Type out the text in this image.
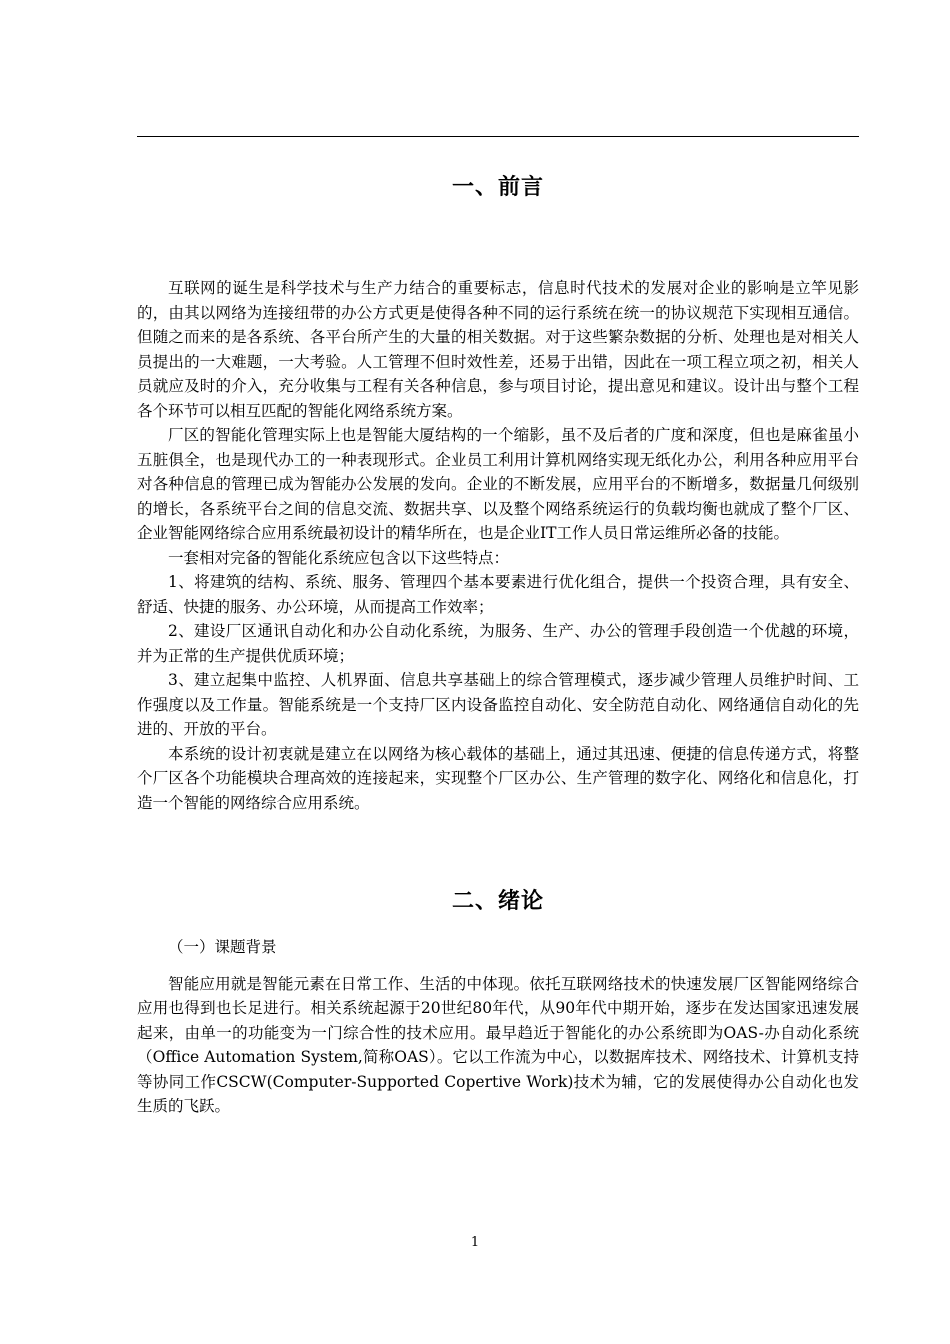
一、前言

互联网的诞生是科学技术与生产力结合的重要标志，信息时代技术的发展对企业的影响是立竿见影的，由其以网络为连接纽带的办公方式更是使得各种不同的运行系统在统一的协议规范下实现相互通信。但随之而来的是各系统、各平台所产生的大量的相关数据。对于这些繁杂数据的分析、处理也是对相关人员提出的一大难题，一大考验。人工管理不但时效性差，还易于出错，因此在一项工程立项之初，相关人员就应及时的介入，充分收集与工程有关各种信息，参与项目讨论，提出意见和建议。设计出与整个工程各个环节可以相互匹配的智能化网络系统方案。

厂区的智能化管理实际上也是智能大厦结构的一个缩影，虽不及后者的广度和深度，但也是麻雀虽小五脏俱全，也是现代办工的一种表现形式。企业员工利用计算机网络实现无纸化办公，利用各种应用平台对各种信息的管理已成为智能办公发展的发向。企业的不断发展，应用平台的不断增多，数据量几何级别的增长，各系统平台之间的信息交流、数据共享、以及整个网络系统运行的负载均衡也就成了整个厂区、企业智能网络综合应用系统最初设计的精华所在，也是企业IT工作人员日常运维所必备的技能。

一套相对完备的智能化系统应包含以下这些特点：

1、将建筑的结构、系统、服务、管理四个基本要素进行优化组合，提供一个投资合理，具有安全、舒适、快捷的服务、办公环境，从而提高工作效率；

2、建设厂区通讯自动化和办公自动化系统，为服务、生产、办公的管理手段创造一个优越的环境，并为正常的生产提供优质环境；

3、建立起集中监控、人机界面、信息共享基础上的综合管理模式，逐步减少管理人员维护时间、工作强度以及工作量。智能系统是一个支持厂区内设备监控自动化、安全防范自动化、网络通信自动化的先进的、开放的平台。

本系统的设计初衷就是建立在以网络为核心载体的基础上，通过其迅速、便捷的信息传递方式，将整个厂区各个功能模块合理高效的连接起来，实现整个厂区办公、生产管理的数字化、网络化和信息化，打造一个智能的网络综合应用系统。

二、绪论

（一）课题背景

智能应用就是智能元素在日常工作、生活的中体现。依托互联网络技术的快速发展厂区智能网络综合应用也得到也长足进行。相关系统起源于20世纪80年代，从90年代中期开始，逐步在发达国家迅速发展起来，由单一的功能变为一门综合性的技术应用。最早趋近于智能化的办公系统即为OAS-办自动化系统（Office Automation System,简称OAS）。它以工作流为中心，以数据库技术、网络技术、计算机支持等协同工作CSCW(Computer-Supported Copertive Work)技术为辅，它的发展使得办公自动化也发生质的飞跃。

1
